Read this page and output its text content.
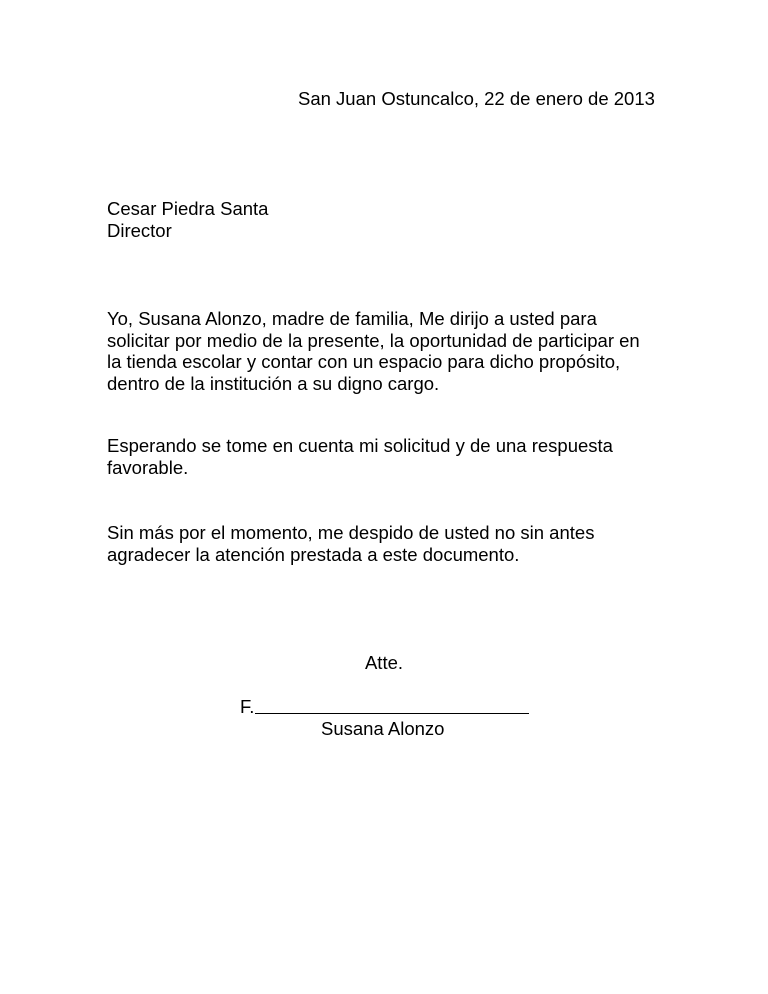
San Juan Ostuncalco, 22 de enero de 2013

Cesar Piedra Santa

Director

Yo, Susana Alonzo, madre de familia, Me dirijo a usted para

solicitar por medio de la presente, la oportunidad de participar en

la tienda escolar y contar con un espacio para dicho propósito,

dentro de la institución a su digno cargo.

Esperando se tome en cuenta mi solicitud y de una respuesta

favorable.

Sin más por el momento, me despido de usted no sin antes

agradecer la atención prestada a este documento.

Atte.

F.

Susana Alonzo
